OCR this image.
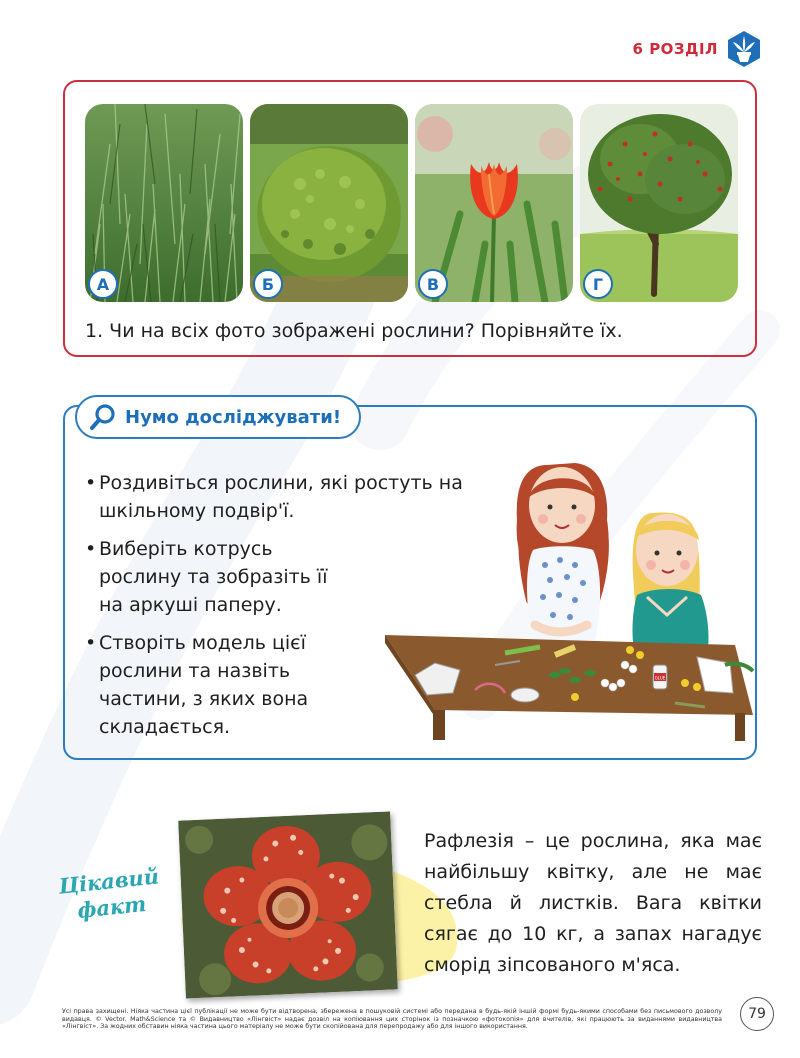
6 РОЗДІЛ
А	Б	В	Г
1. Чи на всіх фото зображені рослини? Порівняйте їх.
Нумо досліджувати!
• Роздивіться рослини, які ростуть на шкільному подвір'ї.
• Виберіть котрусь рослину та зобразіть її на аркуші паперу.
• Створіть модель цієї рослини та назвіть частини, з яких вона складається.
GLUE
Цікавий
факт
Рафлезія – це рослина, яка має найбільшу квітку, але не має стебла й листків. Вага квітки сягає до 10 кг, а запах нагадує сморід зіпсованого м'яса.
Усі права захищені. Ніяка частина цієї публікації не може бути відтворена, збережена в пошуковій системі або передана в будь-якій іншій формі будь-якими способами без письмового дозволу видавця. © Vector. Math&Science та © Видавництво «Лінгвіст» надає дозвіл на копіювання цих сторінок із позначкою «фотокопія» для вчителів, які працюють за виданнями видавництва «Лінгвіст». За жодних обставин ніяка частина цього матеріалу не може бути скопійована для перепродажу або для іншого використання.
79
